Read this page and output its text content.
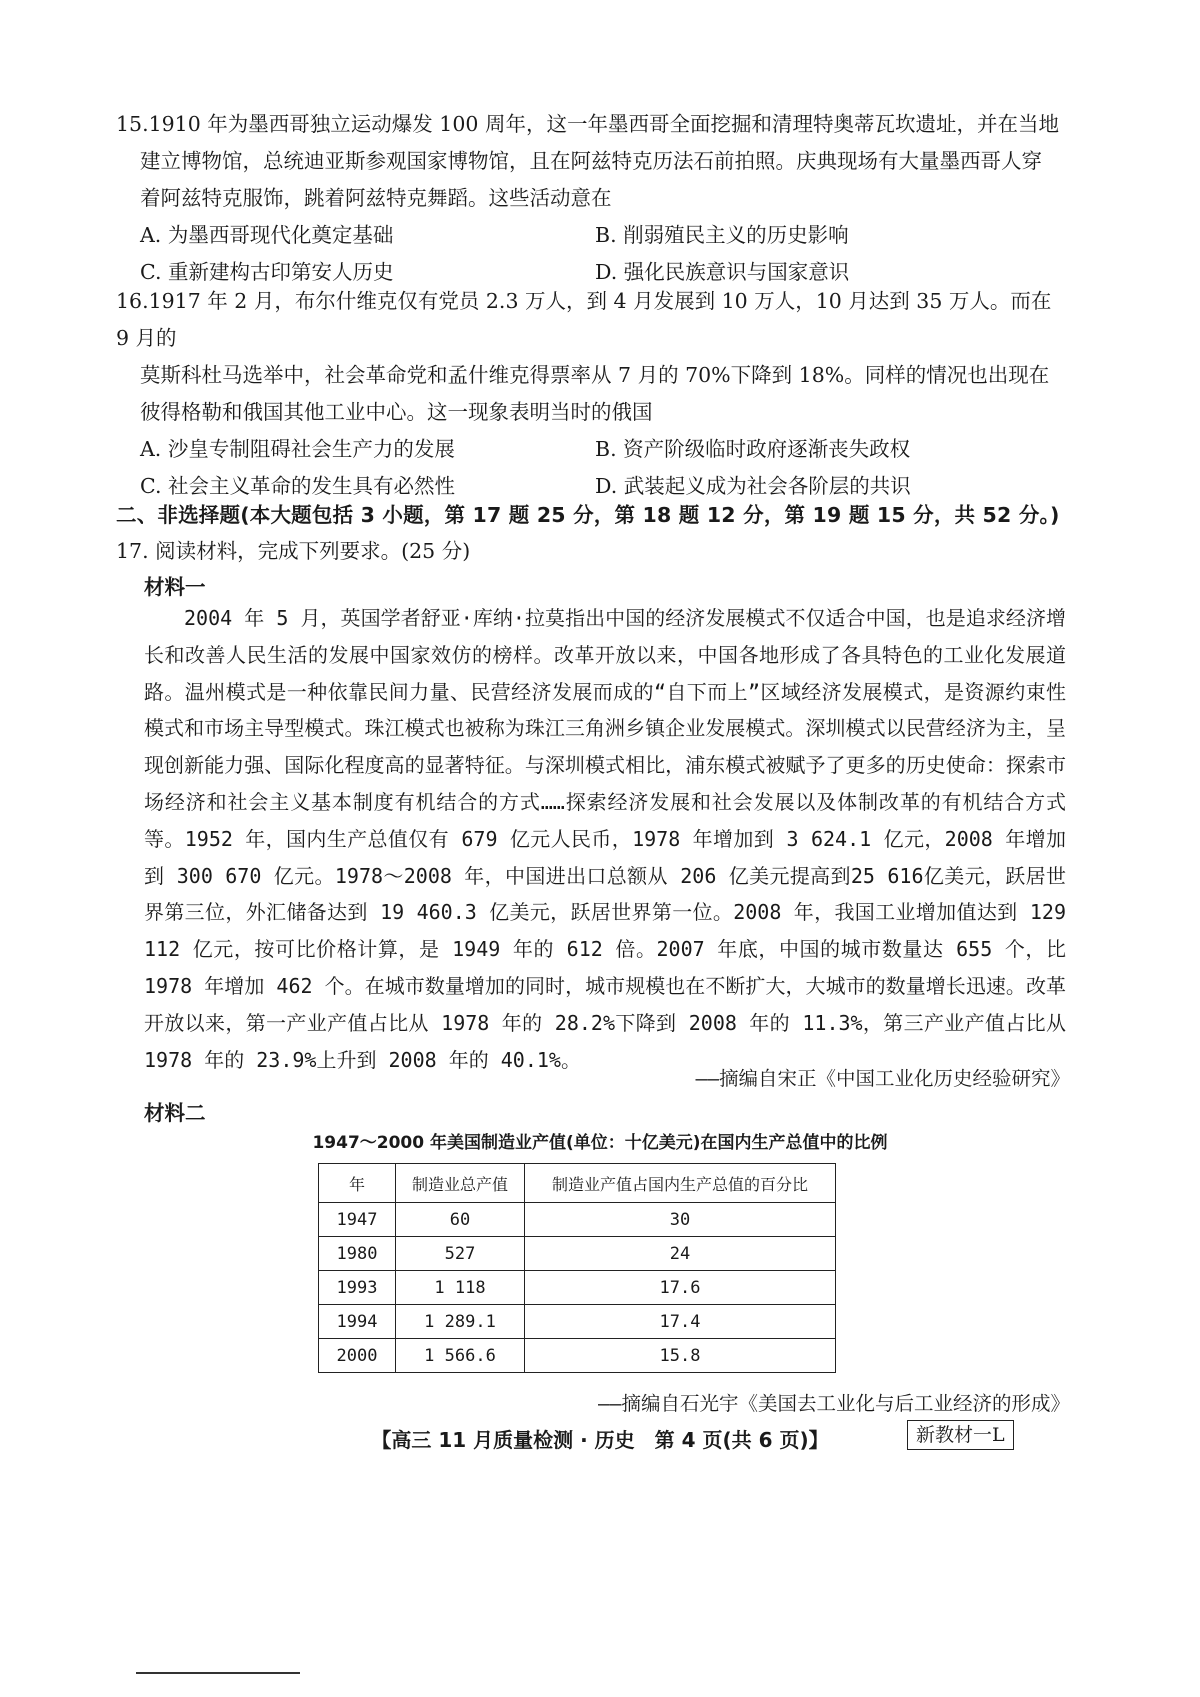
15.1910 年为墨西哥独立运动爆发 100 周年，这一年墨西哥全面挖掘和清理特奥蒂瓦坎遗址，并在当地

建立博物馆，总统迪亚斯参观国家博物馆，且在阿兹特克历法石前拍照。庆典现场有大量墨西哥人穿

着阿兹特克服饰，跳着阿兹特克舞蹈。这些活动意在

A. 为墨西哥现代化奠定基础	B. 削弱殖民主义的历史影响
C. 重新建构古印第安人历史	D. 强化民族意识与国家意识

16.1917 年 2 月，布尔什维克仅有党员 2.3 万人，到 4 月发展到 10 万人，10 月达到 35 万人。而在 9 月的

莫斯科杜马选举中，社会革命党和孟什维克得票率从 7 月的 70%下降到 18%。同样的情况也出现在

彼得格勒和俄国其他工业中心。这一现象表明当时的俄国

A. 沙皇专制阻碍社会生产力的发展	B. 资产阶级临时政府逐渐丧失政权
C. 社会主义革命的发生具有必然性	D. 武装起义成为社会各阶层的共识
二、非选择题(本大题包括 3 小题，第 17 题 25 分，第 18 题 12 分，第 19 题 15 分，共 52 分。)
17. 阅读材料，完成下列要求。(25 分)
材料一

2004 年 5 月，英国学者舒亚·库纳·拉莫指出中国的经济发展模式不仅适合中国，也是追求经济增长和改善人民生活的发展中国家效仿的榜样。改革开放以来，中国各地形成了各具特色的工业化发展道路。温州模式是一种依靠民间力量、民营经济发展而成的“自下而上”区域经济发展模式，是资源约束性模式和市场主导型模式。珠江模式也被称为珠江三角洲乡镇企业发展模式。深圳模式以民营经济为主，呈现创新能力强、国际化程度高的显著特征。与深圳模式相比，浦东模式被赋予了更多的历史使命：探索市场经济和社会主义基本制度有机结合的方式……探索经济发展和社会发展以及体制改革的有机结合方式等。1952 年，国内生产总值仅有 679 亿元人民币，1978 年增加到 3 624.1 亿元，2008 年增加到 300 670 亿元。1978～2008 年，中国进出口总额从 206 亿美元提高到25 616亿美元，跃居世界第三位，外汇储备达到 19 460.3 亿美元，跃居世界第一位。2008 年，我国工业增加值达到 129 112 亿元，按可比价格计算，是 1949 年的 612 倍。2007 年底，中国的城市数量达 655 个，比 1978 年增加 462 个。在城市数量增加的同时，城市规模也在不断扩大，大城市的数量增长迅速。改革开放以来，第一产业产值占比从 1978 年的 28.2%下降到 2008 年的 11.3%，第三产业产值占比从 1978 年的 23.9%上升到 2008 年的 40.1%。

——摘编自宋正《中国工业化历史经验研究》
材料二
1947～2000 年美国制造业产值(单位：十亿美元)在国内生产总值中的比例
年	制造业总产值	制造业产值占国内生产总值的百分比
1947	60	30
1980	527	24
1993	1 118	17.6
1994	1 289.1	17.4
2000	1 566.6	15.8
——摘编自石光宇《美国去工业化与后工业经济的形成》
【高三 11 月质量检测 · 历史　第 4 页(共 6 页)】	新教材一L
